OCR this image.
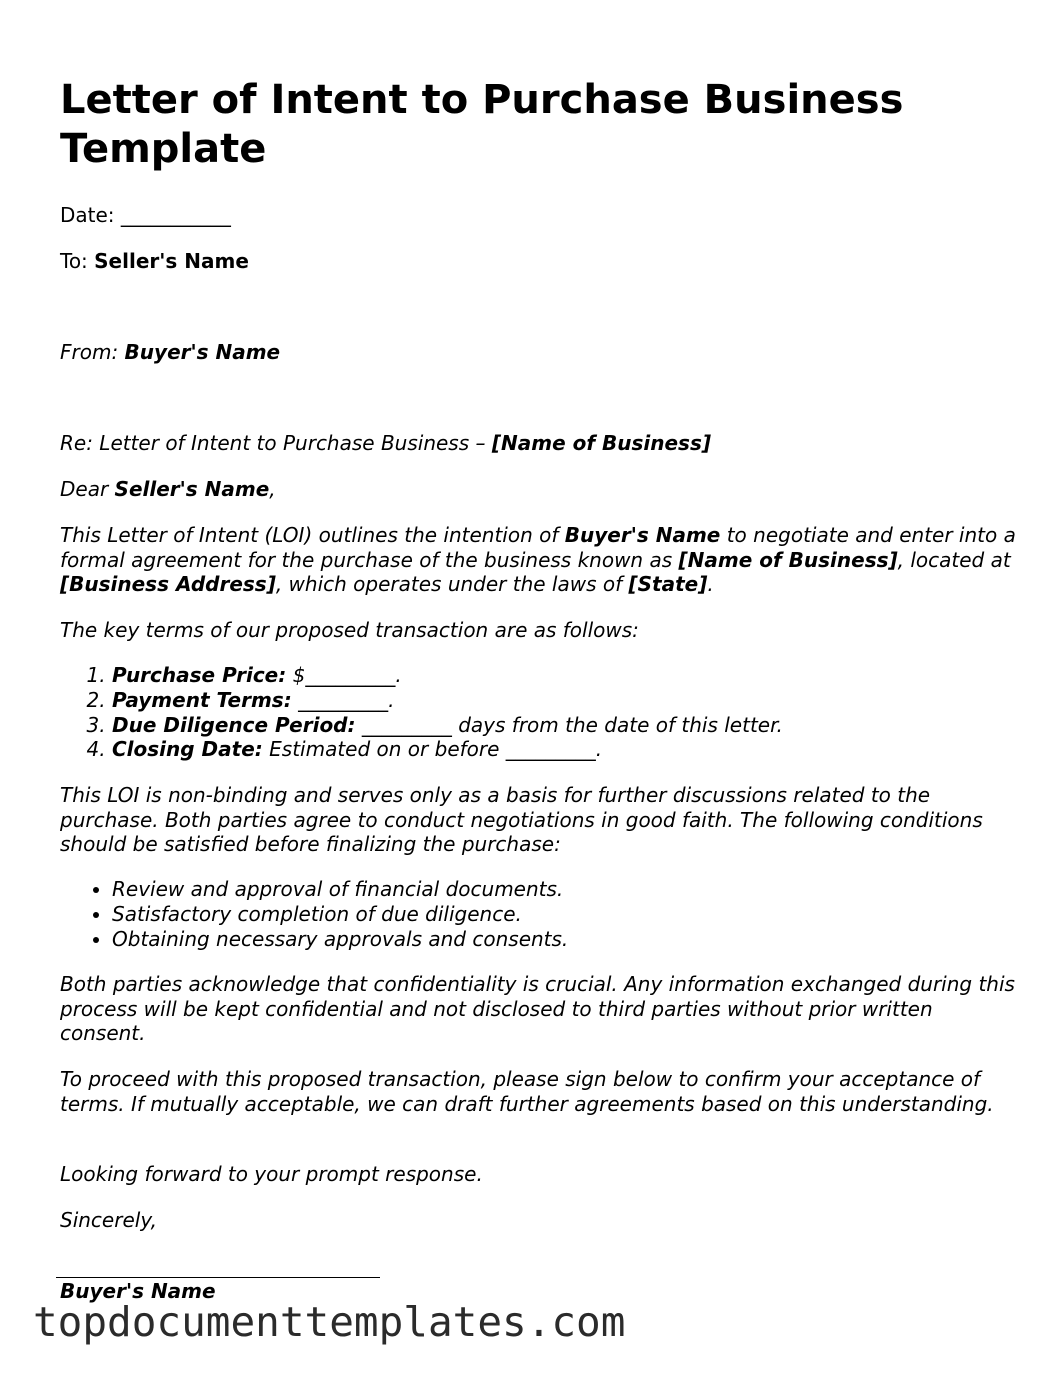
Letter of Intent to Purchase Business Template
Date: ___________
To: Seller's Name
From: Buyer's Name
Re: Letter of Intent to Purchase Business – [Name of Business]
Dear Seller's Name,
This Letter of Intent (LOI) outlines the intention of Buyer's Name to negotiate and enter into a formal agreement for the purchase of the business known as [Name of Business], located at [Business Address], which operates under the laws of [State].
The key terms of our proposed transaction are as follows:
1. Purchase Price: $_________.
2. Payment Terms: _________.
3. Due Diligence Period: _________ days from the date of this letter.
4. Closing Date: Estimated on or before _________.
This LOI is non-binding and serves only as a basis for further discussions related to the purchase. Both parties agree to conduct negotiations in good faith. The following conditions should be satisfied before finalizing the purchase:
• Review and approval of financial documents.
• Satisfactory completion of due diligence.
• Obtaining necessary approvals and consents.
Both parties acknowledge that confidentiality is crucial. Any information exchanged during this process will be kept confidential and not disclosed to third parties without prior written consent.
To proceed with this proposed transaction, please sign below to confirm your acceptance of terms. If mutually acceptable, we can draft further agreements based on this understanding.
Looking forward to your prompt response.
Sincerely,
Buyer's Name
topdocumenttemplates.com
